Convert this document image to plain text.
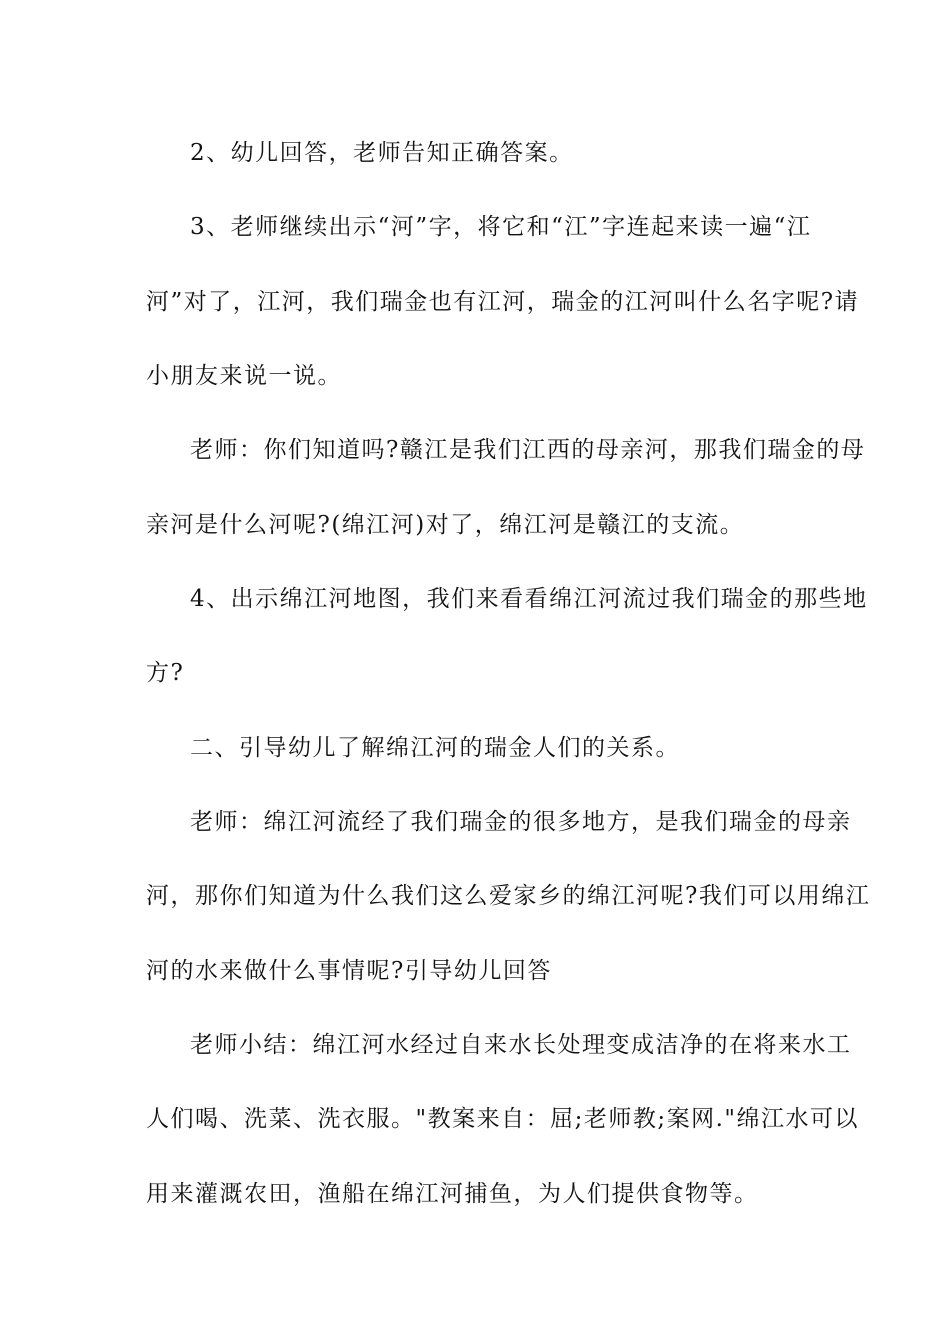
2、幼儿回答，老师告知正确答案。
3、老师继续出示“河”字，将它和“江”字连起来读一遍“江
河”对了，江河，我们瑞金也有江河，瑞金的江河叫什么名字呢?请
小朋友来说一说。
老师：你们知道吗?赣江是我们江西的母亲河，那我们瑞金的母
亲河是什么河呢?(绵江河)对了，绵江河是赣江的支流。
4、出示绵江河地图，我们来看看绵江河流过我们瑞金的那些地
方?
二、引导幼儿了解绵江河的瑞金人们的关系。
老师：绵江河流经了我们瑞金的很多地方，是我们瑞金的母亲
河，那你们知道为什么我们这么爱家乡的绵江河呢?我们可以用绵江
河的水来做什么事情呢?引导幼儿回答
老师小结：绵江河水经过自来水长处理变成洁净的在将来水工
人们喝、洗菜、洗衣服。"教案来自：屈;老师教;案网."绵江水可以
用来灌溉农田，渔船在绵江河捕鱼，为人们提供食物等。
